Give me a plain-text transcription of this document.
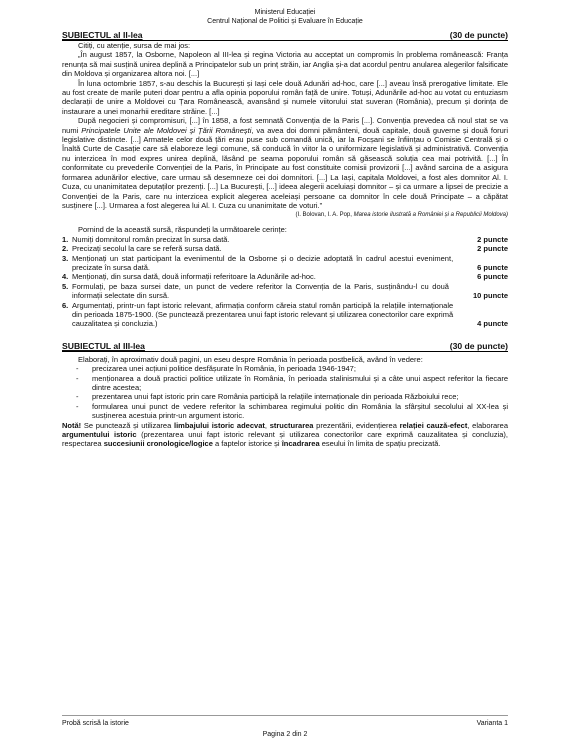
Ministerul Educației
Centrul Național de Politici și Evaluare în Educație
SUBIECTUL al II-lea	(30 de puncte)

Citiți, cu atenție, sursa de mai jos:

„În august 1857, la Osborne, Napoleon al III-lea și regina Victoria au acceptat un compromis în problema românească: Franța renunța să mai susțină unirea deplină a Principatelor sub un prinț străin, iar Anglia și-a dat acordul pentru anularea alegerilor falsificate din Moldova și organizarea altora noi. [...]

În luna octombrie 1857, s-au deschis la București și Iași cele două Adunări ad-hoc, care [...] aveau însă prerogative limitate. Ele au fost create de marile puteri doar pentru a afla opinia poporului român față de unire. Totuși, Adunările ad-hoc au votat cu entuziasm declarații de unire a Moldovei cu Țara Românească, avansând și numele viitorului stat suveran (România), precum și dorința de instaurare a unei monarhii ereditare străine. [...]

După negocieri și compromisuri, [...] în 1858, a fost semnată Convenția de la Paris [...]. Convenția prevedea că noul stat se va numi Principatele Unite ale Moldovei și Țării Românești, va avea doi domni pământeni, două capitale, două guverne și două foruri legislative distincte. [...] Armatele celor două țări erau puse sub comandă unică, iar la Focșani se înființau o Comisie Centrală și o Înaltă Curte de Casație care să elaboreze legi comune, să conducă în viitor la o uniformizare legislativă și administrativă. Convenția nu interzicea în mod expres unirea deplină, lăsând pe seama poporului român să găsească soluția cea mai potrivită. [...] În conformitate cu prevederile Convenției de la Paris, în Principate au fost constituite comisii provizorii [...] având sarcina de a asigura formarea adunărilor elective, care urmau să desemneze cei doi domnitori. [...] La Iași, capitala Moldovei, a fost ales domnitor Al. I. Cuza, cu unanimitatea deputaților prezenți. [...] La București, [...] ideea alegerii aceluiași domnitor – și ca urmare a lipsei de precizie a Convenției de la Paris, care nu interzicea explicit alegerea aceleiași persoane ca domnitor în cele două Principate – a căpătat susținere [...]. Urmarea a fost alegerea lui Al. I. Cuza cu unanimitate de voturi.”

(I. Bolovan, I. A. Pop, Marea istorie ilustrată a României și a Republicii Moldova)

Pornind de la această sursă, răspundeți la următoarele cerințe:

1. Numiți domnitorul român precizat în sursa dată.	2 puncte
2. Precizați secolul la care se referă sursa dată.	2 puncte
3. Menționați un stat participant la evenimentul de la Osborne și o decizie adoptată în cadrul acestui eveniment, precizate în sursa dată.	6 puncte
4. Menționați, din sursa dată, două informații referitoare la Adunările ad-hoc.	6 puncte
5. Formulați, pe baza sursei date, un punct de vedere referitor la Convenția de la Paris, susținându-l cu două informații selectate din sursă.	10 puncte
6. Argumentați, printr-un fapt istoric relevant, afirmația conform căreia statul român participă la relațiile internaționale din perioada 1875-1900. (Se punctează prezentarea unui fapt istoric relevant și utilizarea conectorilor care exprimă cauzalitatea și concluzia.)	4 puncte
SUBIECTUL al III-lea	(30 de puncte)

Elaborați, în aproximativ două pagini, un eseu despre România în perioada postbelică, având în vedere:

-	precizarea unei acțiuni politice desfășurate în România, în perioada 1946-1947;
-	menționarea a două practici politice utilizate în România, în perioada stalinismului și a câte unui aspect referitor la fiecare dintre acestea;
-	prezentarea unui fapt istoric prin care România participă la relațiile internaționale din perioada Războiului rece;
-	formularea unui punct de vedere referitor la schimbarea regimului politic din România la sfârșitul secolului al XX-lea și susținerea acestuia printr-un argument istoric.

Notă! Se punctează și utilizarea limbajului istoric adecvat, structurarea prezentării, evidențierea relației cauză-efect, elaborarea argumentului istoric (prezentarea unui fapt istoric relevant și utilizarea conectorilor care exprimă cauzalitatea și concluzia), respectarea succesiunii cronologice/logice a faptelor istorice și încadrarea eseului în limita de spațiu precizată.

Probă scrisă la istorie	Varianta 1
Pagina 2 din 2
